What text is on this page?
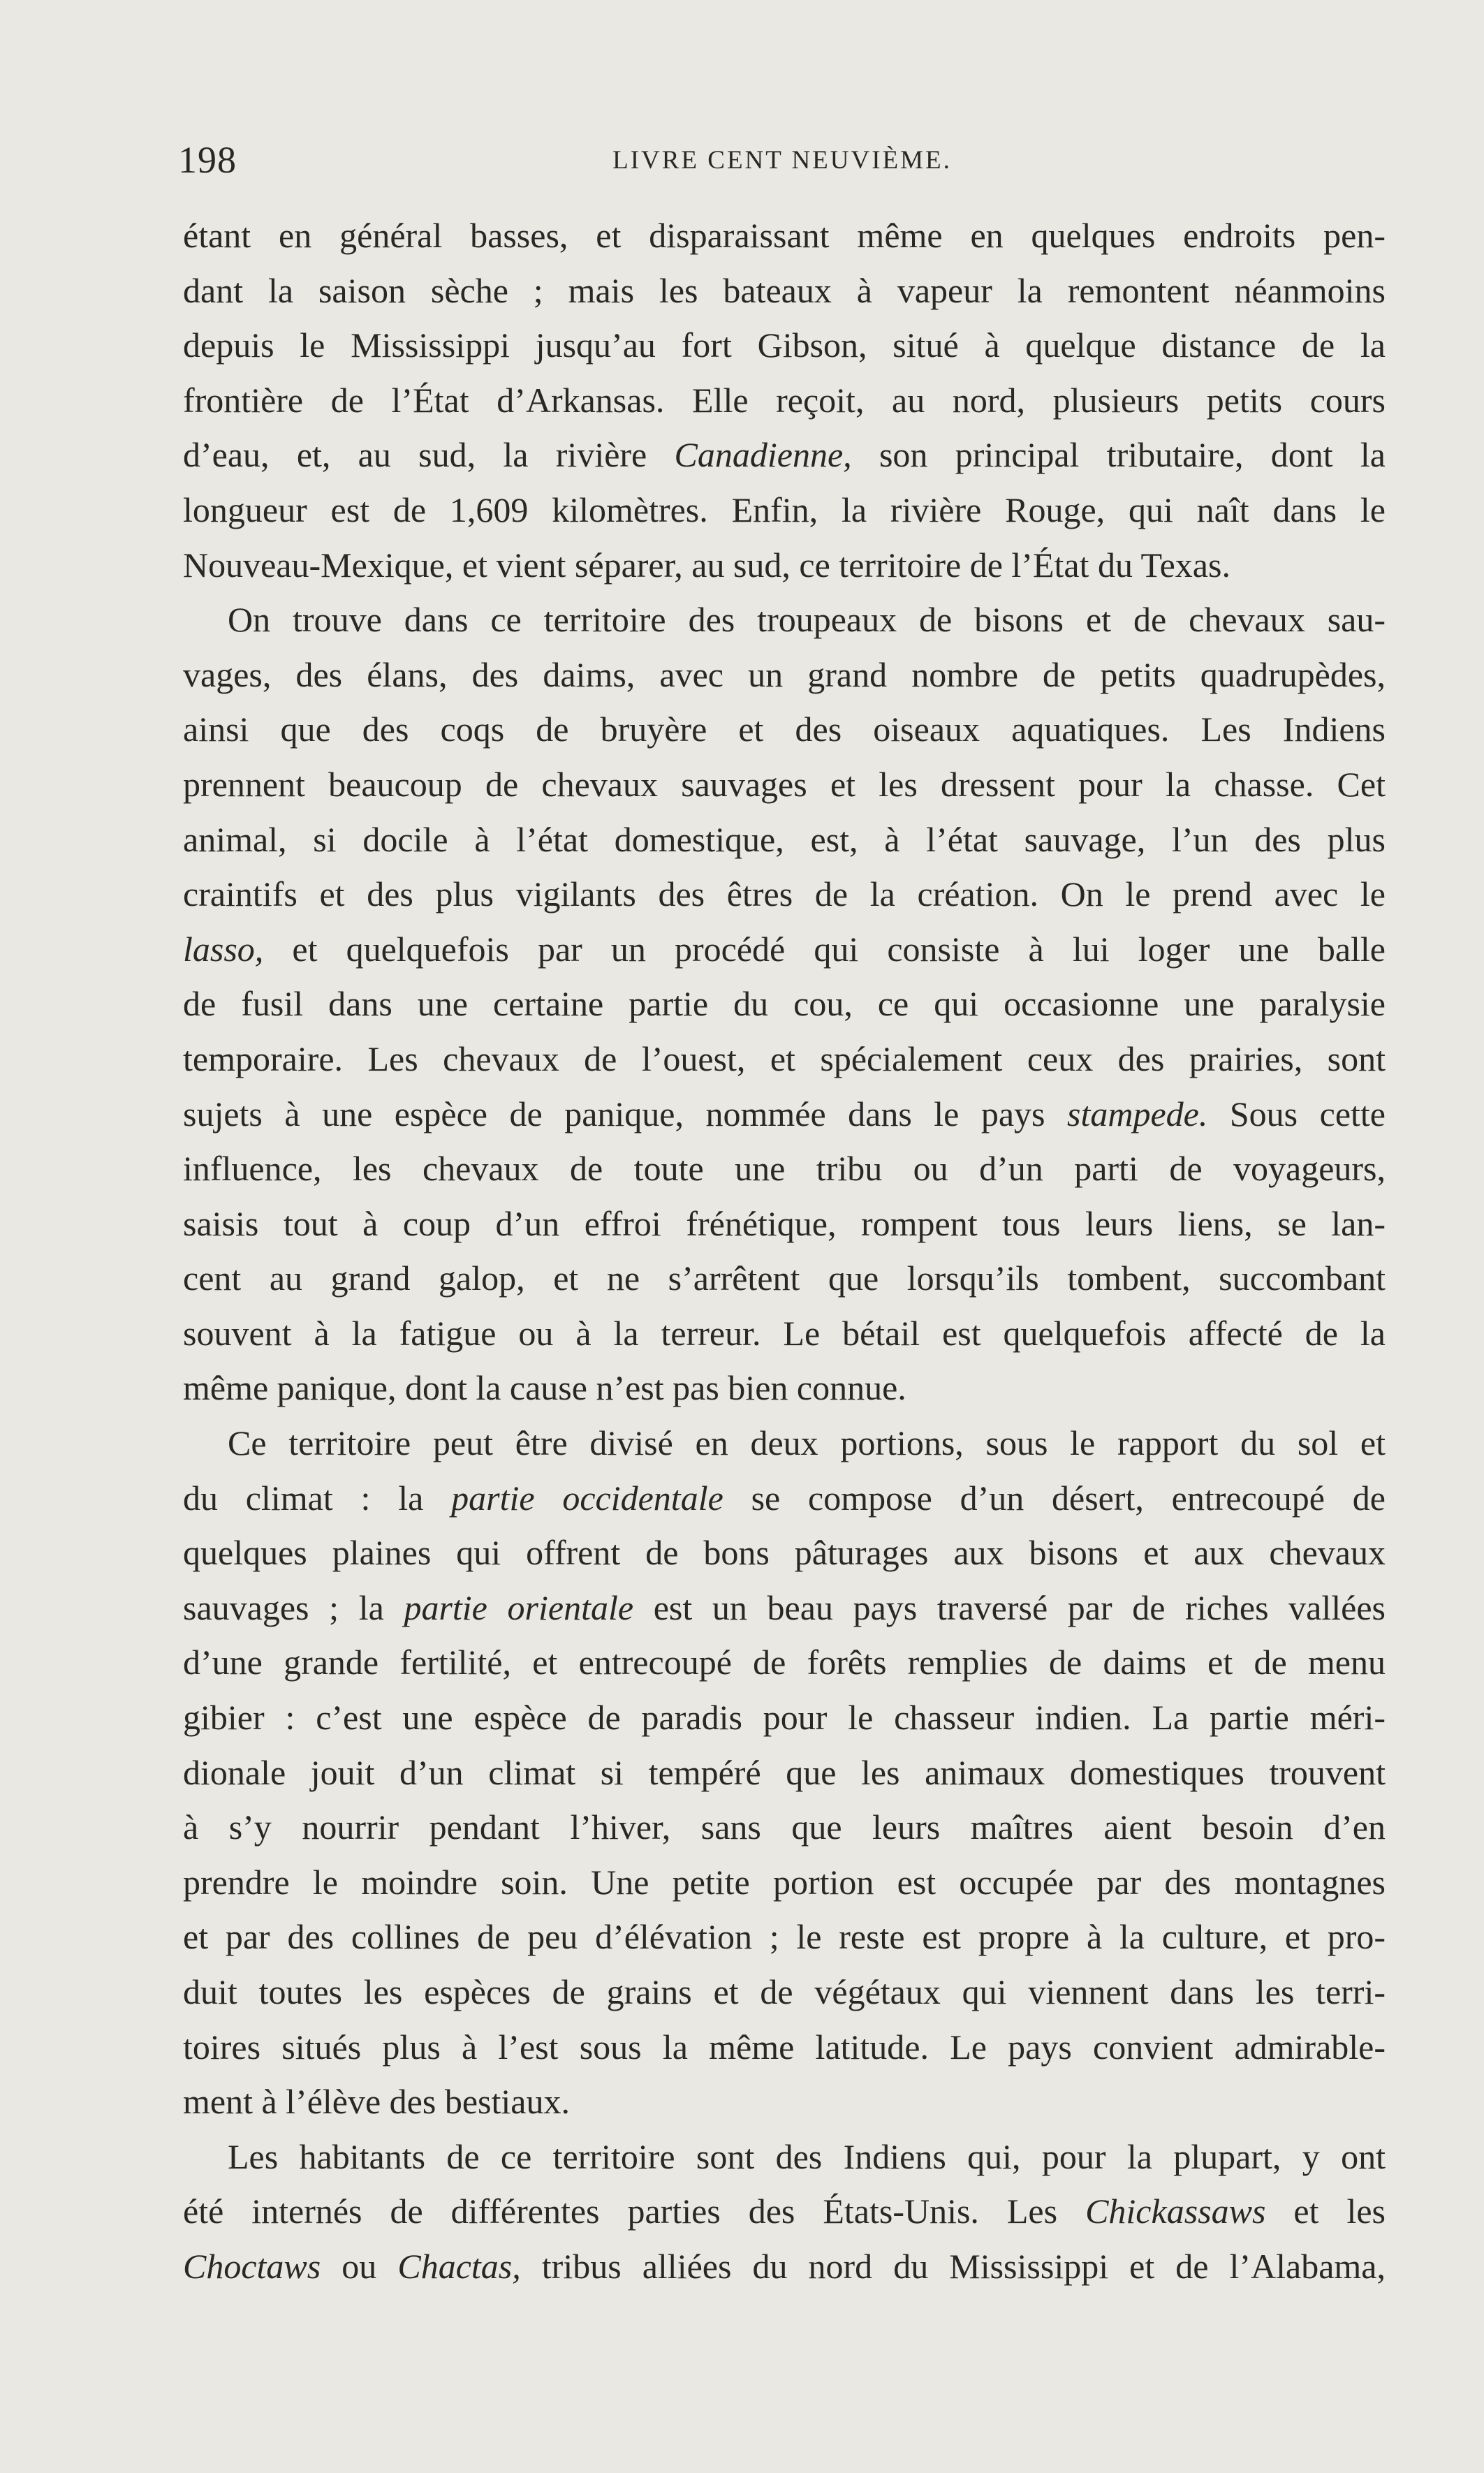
198	LIVRE CENT NEUVIÈME.
étant en général basses, et disparaissant même en quelques endroits pen-
dant la saison sèche ; mais les bateaux à vapeur la remontent néanmoins
depuis le Mississippi jusqu’au fort Gibson, situé à quelque distance de la
frontière de l’État d’Arkansas. Elle reçoit, au nord, plusieurs petits cours
d’eau, et, au sud, la rivière Canadienne, son principal tributaire, dont la
longueur est de 1,609 kilomètres. Enfin, la rivière Rouge, qui naît dans le
Nouveau-Mexique, et vient séparer, au sud, ce territoire de l’État du Texas.
On trouve dans ce territoire des troupeaux de bisons et de chevaux sau-
vages, des élans, des daims, avec un grand nombre de petits quadrupèdes,
ainsi que des coqs de bruyère et des oiseaux aquatiques. Les Indiens
prennent beaucoup de chevaux sauvages et les dressent pour la chasse. Cet
animal, si docile à l’état domestique, est, à l’état sauvage, l’un des plus
craintifs et des plus vigilants des êtres de la création. On le prend avec le
lasso, et quelquefois par un procédé qui consiste à lui loger une balle
de fusil dans une certaine partie du cou, ce qui occasionne une paralysie
temporaire. Les chevaux de l’ouest, et spécialement ceux des prairies, sont
sujets à une espèce de panique, nommée dans le pays stampede. Sous cette
influence, les chevaux de toute une tribu ou d’un parti de voyageurs,
saisis tout à coup d’un effroi frénétique, rompent tous leurs liens, se lan-
cent au grand galop, et ne s’arrêtent que lorsqu’ils tombent, succombant
souvent à la fatigue ou à la terreur. Le bétail est quelquefois affecté de la
même panique, dont la cause n’est pas bien connue.
Ce territoire peut être divisé en deux portions, sous le rapport du sol et
du climat : la partie occidentale se compose d’un désert, entrecoupé de
quelques plaines qui offrent de bons pâturages aux bisons et aux chevaux
sauvages ; la partie orientale est un beau pays traversé par de riches vallées
d’une grande fertilité, et entrecoupé de forêts remplies de daims et de menu
gibier : c’est une espèce de paradis pour le chasseur indien. La partie méri-
dionale jouit d’un climat si tempéré que les animaux domestiques trouvent
à s’y nourrir pendant l’hiver, sans que leurs maîtres aient besoin d’en
prendre le moindre soin. Une petite portion est occupée par des montagnes
et par des collines de peu d’élévation ; le reste est propre à la culture, et pro-
duit toutes les espèces de grains et de végétaux qui viennent dans les terri-
toires situés plus à l’est sous la même latitude. Le pays convient admirable-
ment à l’élève des bestiaux.
Les habitants de ce territoire sont des Indiens qui, pour la plupart, y ont
été internés de différentes parties des États-Unis. Les Chickassaws et les
Choctaws ou Chactas, tribus alliées du nord du Mississippi et de l’Alabama,
